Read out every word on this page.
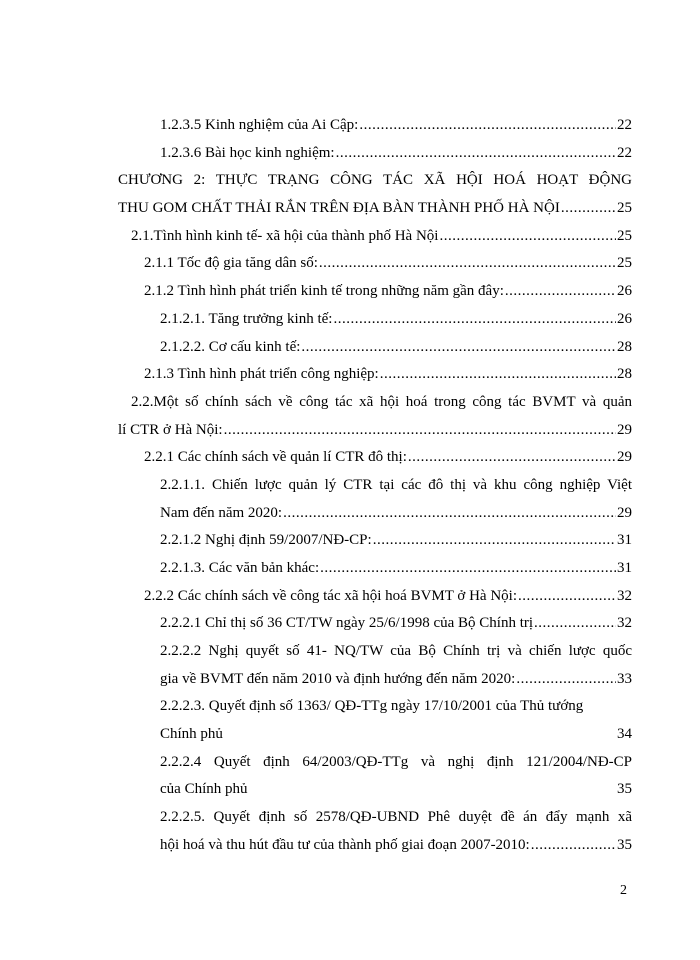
1.2.3.5 Kinh nghiệm của Ai Cập: .....	22
1.2.3.6 Bài học kinh nghiệm: .....	22
CHƯƠNG 2: THỰC TRẠNG CÔNG TÁC XÃ HỘI HOÁ HOẠT ĐỘNG
THU GOM CHẤT THẢI RẮN TRÊN ĐỊA BÀN THÀNH PHỐ HÀ NỘI .....	25
2.1.Tình hình kinh tế- xã hội của thành phố Hà Nội .....	25
2.1.1 Tốc độ gia tăng dân số: .....	25
2.1.2 Tình hình phát triển kinh tế trong những năm gần đây: .....	26
2.1.2.1. Tăng trưởng kinh tế: .....	26
2.1.2.2. Cơ cấu kinh tế: .....	28
2.1.3 Tình hình phát triển công nghiệp: .....	28
2.2.Một số chính sách về công tác xã hội hoá trong công tác BVMT và quản
lí CTR ở Hà Nội: .....	29
2.2.1 Các chính sách về quản lí CTR đô thị: .....	29
2.2.1.1. Chiến lược quản lý CTR tại các đô thị và khu công nghiệp Việt
Nam đến năm 2020: .....	29
2.2.1.2 Nghị định 59/2007/NĐ-CP: .....	31
2.2.1.3. Các văn bản khác: .....	31
2.2.2 Các chính sách về công tác xã hội hoá BVMT ở Hà Nội: .....	32
2.2.2.1 Chỉ thị số 36 CT/TW ngày 25/6/1998 của Bộ Chính trị .....	32
2.2.2.2 Nghị quyết số 41- NQ/TW của Bộ Chính trị và chiến lược quốc
gia về BVMT đến năm 2010 và định hướng đến năm 2020: .....	33
2.2.2.3. Quyết định số 1363/ QĐ-TTg ngày 17/10/2001 của Thủ tướng
Chính phủ	34
2.2.2.4 Quyết định 64/2003/QĐ-TTg và nghị định 121/2004/NĐ-CP
của Chính phủ	35
2.2.2.5. Quyết định số 2578/QĐ-UBND Phê duyệt đề án đẩy mạnh xã
hội hoá và thu hút đầu tư của thành phố giai đoạn 2007-2010: .....	35
2
